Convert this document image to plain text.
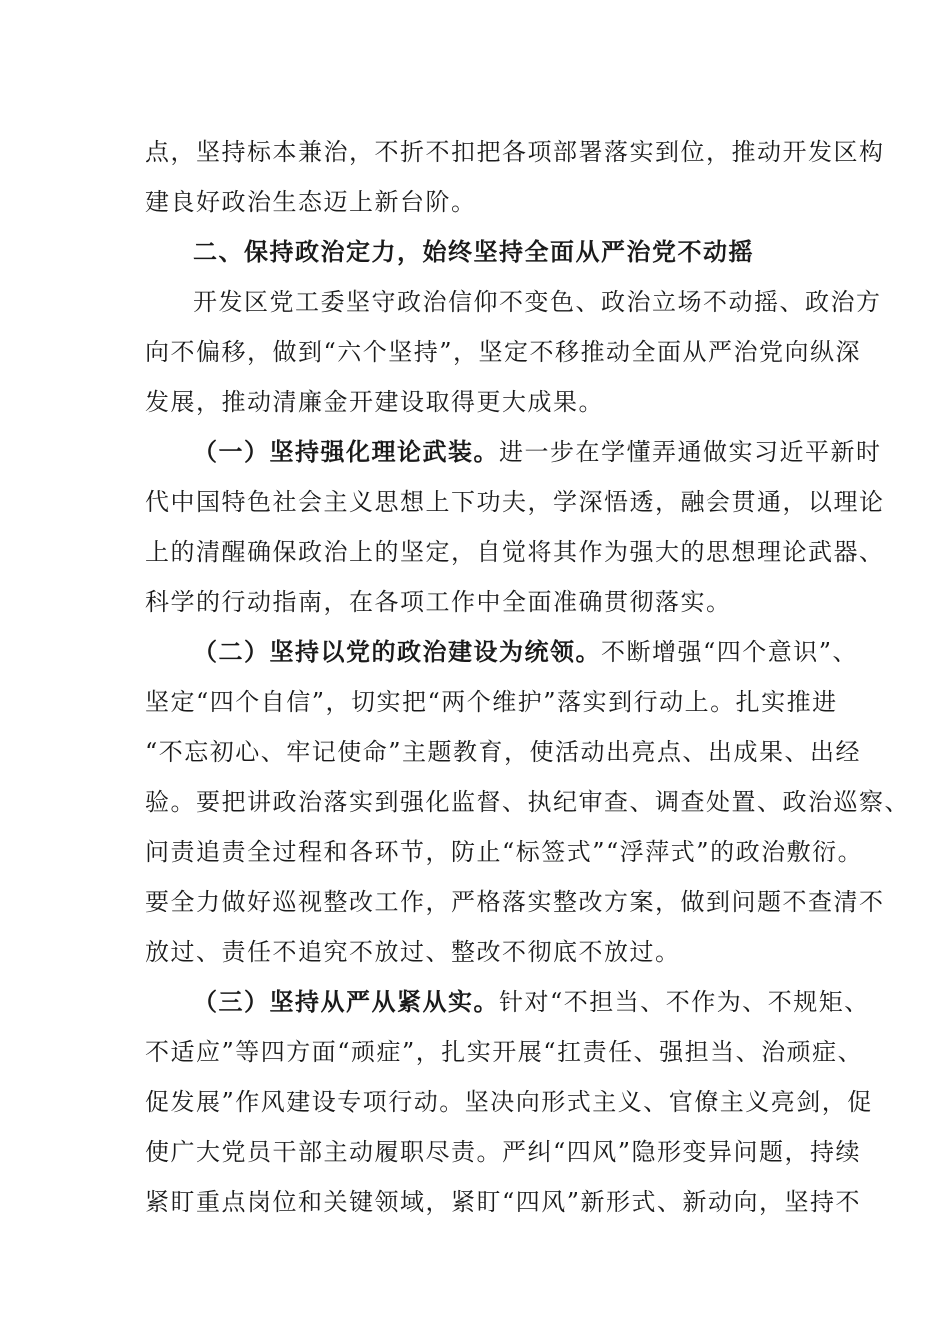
点，坚持标本兼治，不折不扣把各项部署落实到位，推动开发区构
建良好政治生态迈上新台阶。
二、保持政治定力，始终坚持全面从严治党不动摇
开发区党工委坚守政治信仰不变色、政治立场不动摇、政治方
向不偏移，做到“六个坚持”，坚定不移推动全面从严治党向纵深
发展，推动清廉金开建设取得更大成果。
（一）坚持强化理论武装。进一步在学懂弄通做实习近平新时
代中国特色社会主义思想上下功夫，学深悟透，融会贯通，以理论
上的清醒确保政治上的坚定，自觉将其作为强大的思想理论武器、
科学的行动指南，在各项工作中全面准确贯彻落实。
（二）坚持以党的政治建设为统领。不断增强“四个意识”、
坚定“四个自信”，切实把“两个维护”落实到行动上。扎实推进
“不忘初心、牢记使命”主题教育，使活动出亮点、出成果、出经
验。要把讲政治落实到强化监督、执纪审查、调查处置、政治巡察、
问责追责全过程和各环节，防止“标签式”“浮萍式”的政治敷衍。
要全力做好巡视整改工作，严格落实整改方案，做到问题不查清不
放过、责任不追究不放过、整改不彻底不放过。
（三）坚持从严从紧从实。针对“不担当、不作为、不规矩、
不适应”等四方面“顽症”，扎实开展“扛责任、强担当、治顽症、
促发展”作风建设专项行动。坚决向形式主义、官僚主义亮剑，促
使广大党员干部主动履职尽责。严纠“四风”隐形变异问题，持续
紧盯重点岗位和关键领域，紧盯“四风”新形式、新动向，坚持不
